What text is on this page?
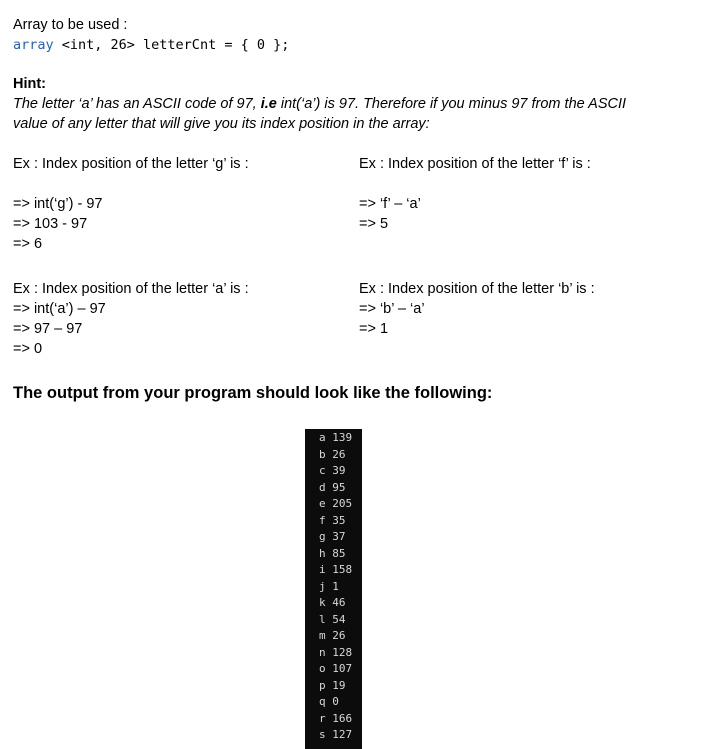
Array to be used :
array <int, 26> letterCnt = { 0 };
Hint:
The letter ‘a’ has an ASCII code of 97, i.e int(‘a’) is 97. Therefore if you minus 97 from the ASCII
value of any letter that will give you its index position in the array:
Ex : Index position of the letter ‘g’ is :
=> int(‘g’) - 97
=> 103 - 97
=> 6
Ex : Index position of the letter ‘f’ is :
=> ‘f’ – ‘a’
=> 5
Ex : Index position of the letter ‘a’ is :
=> int(‘a’) – 97
=> 97 – 97
=> 0
Ex : Index position of the letter ‘b’ is :
=> ‘b’ – ‘a’
=> 1
The output from your program should look like the following:
a 139
b 26
c 39
d 95
e 205
f 35
g 37
h 85
i 158
j 1
k 46
l 54
m 26
n 128
o 107
p 19
q 0
r 166
s 127
